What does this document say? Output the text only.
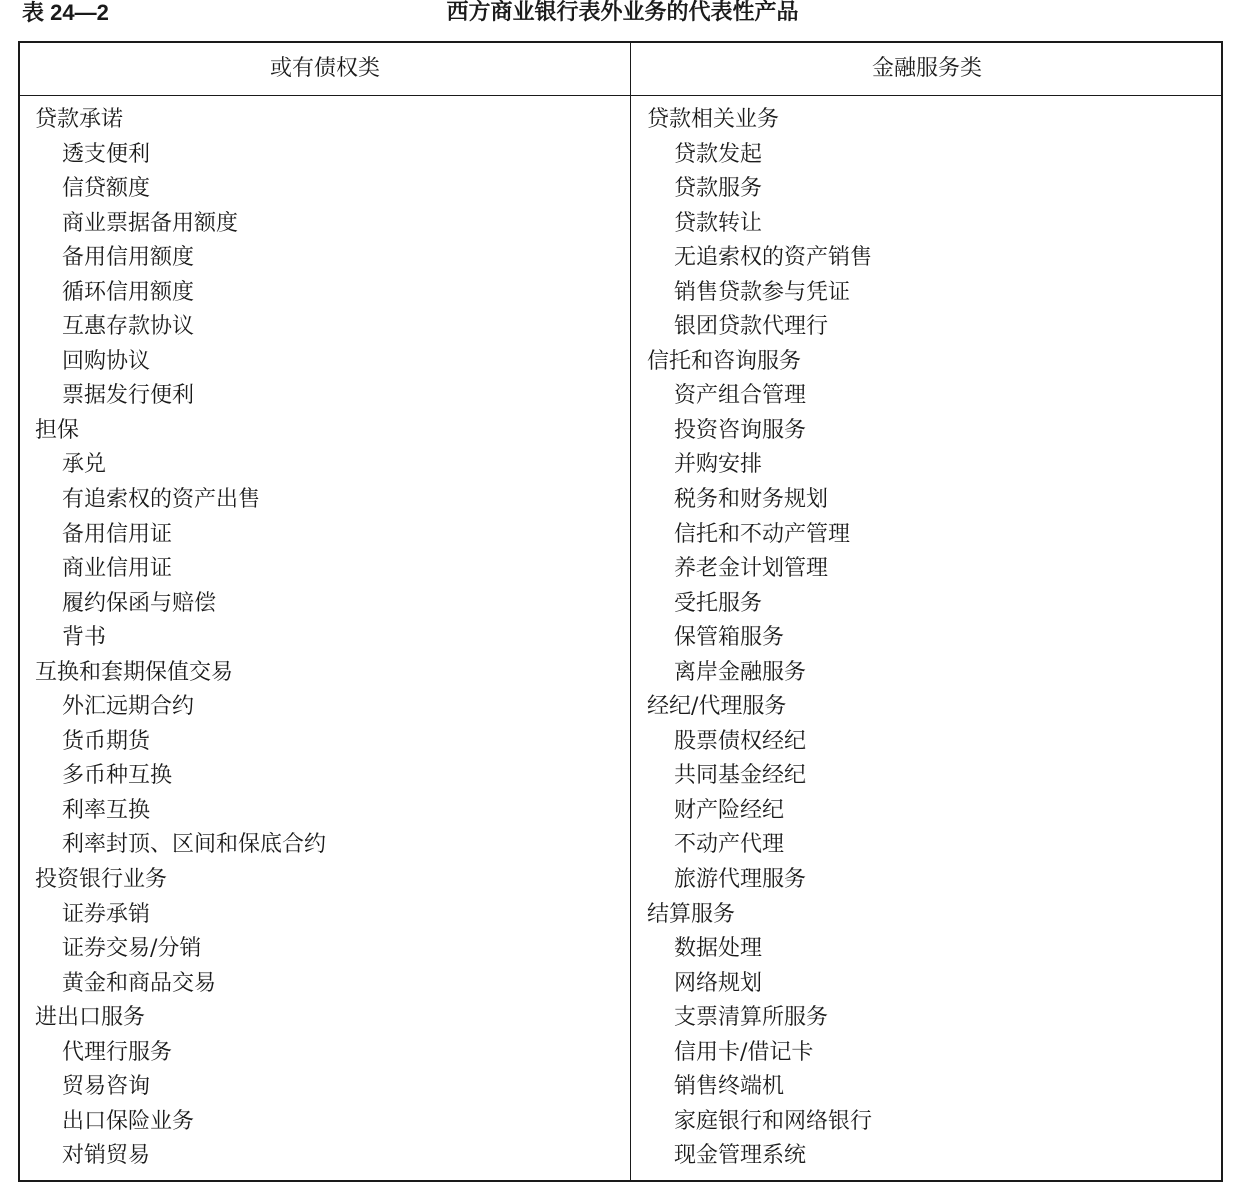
表 24—2	西方商业银行表外业务的代表性产品
或有债权类	金融服务类
贷款承诺
透支便利
信贷额度
商业票据备用额度
备用信用额度
循环信用额度
互惠存款协议
回购协议
票据发行便利
担保
承兑
有追索权的资产出售
备用信用证
商业信用证
履约保函与赔偿
背书
互换和套期保值交易
外汇远期合约
货币期货
多币种互换
利率互换
利率封顶、区间和保底合约
投资银行业务
证券承销
证券交易/分销
黄金和商品交易
进出口服务
代理行服务
贸易咨询
出口保险业务
对销贸易
贷款相关业务
贷款发起
贷款服务
贷款转让
无追索权的资产销售
销售贷款参与凭证
银团贷款代理行
信托和咨询服务
资产组合管理
投资咨询服务
并购安排
税务和财务规划
信托和不动产管理
养老金计划管理
受托服务
保管箱服务
离岸金融服务
经纪/代理服务
股票债权经纪
共同基金经纪
财产险经纪
不动产代理
旅游代理服务
结算服务
数据处理
网络规划
支票清算所服务
信用卡/借记卡
销售终端机
家庭银行和网络银行
现金管理系统
